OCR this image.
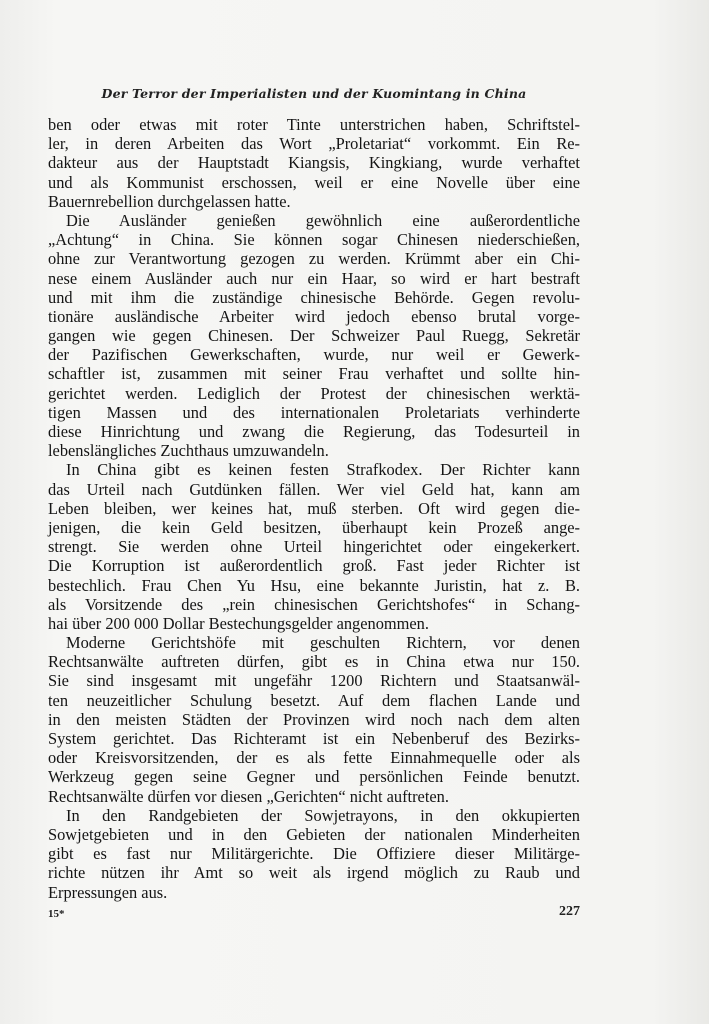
Der Terror der Imperialisten und der Kuomintang in China
ben oder etwas mit roter Tinte unterstrichen haben, Schriftstel-
ler, in deren Arbeiten das Wort „Proletariat“ vorkommt. Ein Re-
dakteur aus der Hauptstadt Kiangsis, Kingkiang, wurde verhaftet
und als Kommunist erschossen, weil er eine Novelle über eine
Bauernrebellion durchgelassen hatte.
Die Ausländer genießen gewöhnlich eine außerordentliche
„Achtung“ in China. Sie können sogar Chinesen niederschießen,
ohne zur Verantwortung gezogen zu werden. Krümmt aber ein Chi-
nese einem Ausländer auch nur ein Haar, so wird er hart bestraft
und mit ihm die zuständige chinesische Behörde. Gegen revolu-
tionäre ausländische Arbeiter wird jedoch ebenso brutal vorge-
gangen wie gegen Chinesen. Der Schweizer Paul Ruegg, Sekretär
der Pazifischen Gewerkschaften, wurde, nur weil er Gewerk-
schaftler ist, zusammen mit seiner Frau verhaftet und sollte hin-
gerichtet werden. Lediglich der Protest der chinesischen werktä-
tigen Massen und des internationalen Proletariats verhinderte
diese Hinrichtung und zwang die Regierung, das Todesurteil in
lebenslängliches Zuchthaus umzuwandeln.
In China gibt es keinen festen Strafkodex. Der Richter kann
das Urteil nach Gutdünken fällen. Wer viel Geld hat, kann am
Leben bleiben, wer keines hat, muß sterben. Oft wird gegen die-
jenigen, die kein Geld besitzen, überhaupt kein Prozeß ange-
strengt. Sie werden ohne Urteil hingerichtet oder eingekerkert.
Die Korruption ist außerordentlich groß. Fast jeder Richter ist
bestechlich. Frau Chen Yu Hsu, eine bekannte Juristin, hat z. B.
als Vorsitzende des „rein chinesischen Gerichtshofes“ in Schang-
hai über 200 000 Dollar Bestechungsgelder angenommen.
Moderne Gerichtshöfe mit geschulten Richtern, vor denen
Rechtsanwälte auftreten dürfen, gibt es in China etwa nur 150.
Sie sind insgesamt mit ungefähr 1200 Richtern und Staatsanwäl-
ten neuzeitlicher Schulung besetzt. Auf dem flachen Lande und
in den meisten Städten der Provinzen wird noch nach dem alten
System gerichtet. Das Richteramt ist ein Nebenberuf des Bezirks-
oder Kreisvorsitzenden, der es als fette Einnahmequelle oder als
Werkzeug gegen seine Gegner und persönlichen Feinde benutzt.
Rechtsanwälte dürfen vor diesen „Gerichten“ nicht auftreten.
In den Randgebieten der Sowjetrayons, in den okkupierten
Sowjetgebieten und in den Gebieten der nationalen Minderheiten
gibt es fast nur Militärgerichte. Die Offiziere dieser Militärge-
richte nützen ihr Amt so weit als irgend möglich zu Raub und
Erpressungen aus.
15*	227
